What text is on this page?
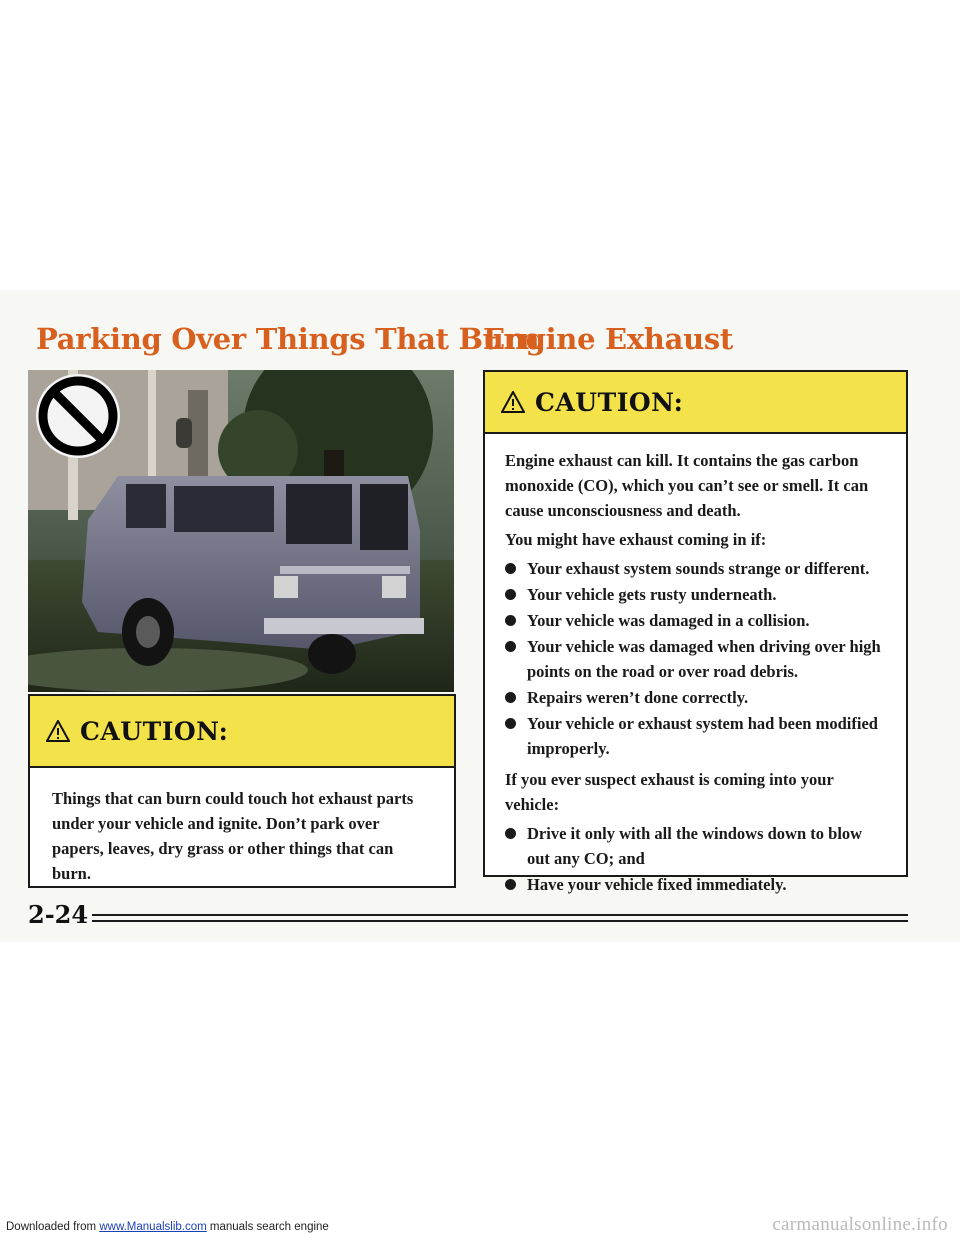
Parking Over Things That Burn
Engine Exhaust
CAUTION:

Things that can burn could touch hot exhaust parts under your vehicle and ignite. Don’t park over papers, leaves, dry grass or other things that can burn.

CAUTION:

Engine exhaust can kill. It contains the gas carbon monoxide (CO), which you can’t see or smell. It can cause unconsciousness and death.

You might have exhaust coming in if:

Your exhaust system sounds strange or different.
Your vehicle gets rusty underneath.
Your vehicle was damaged in a collision.
Your vehicle was damaged when driving over high points on the road or over road debris.
Repairs weren’t done correctly.
Your vehicle or exhaust system had been modified improperly.

If you ever suspect exhaust is coming into your vehicle:

Drive it only with all the windows down to blow out any CO; and
Have your vehicle fixed immediately.
2-24
Downloaded from www.Manualslib.com manuals search engine	carmanualsonline.info
